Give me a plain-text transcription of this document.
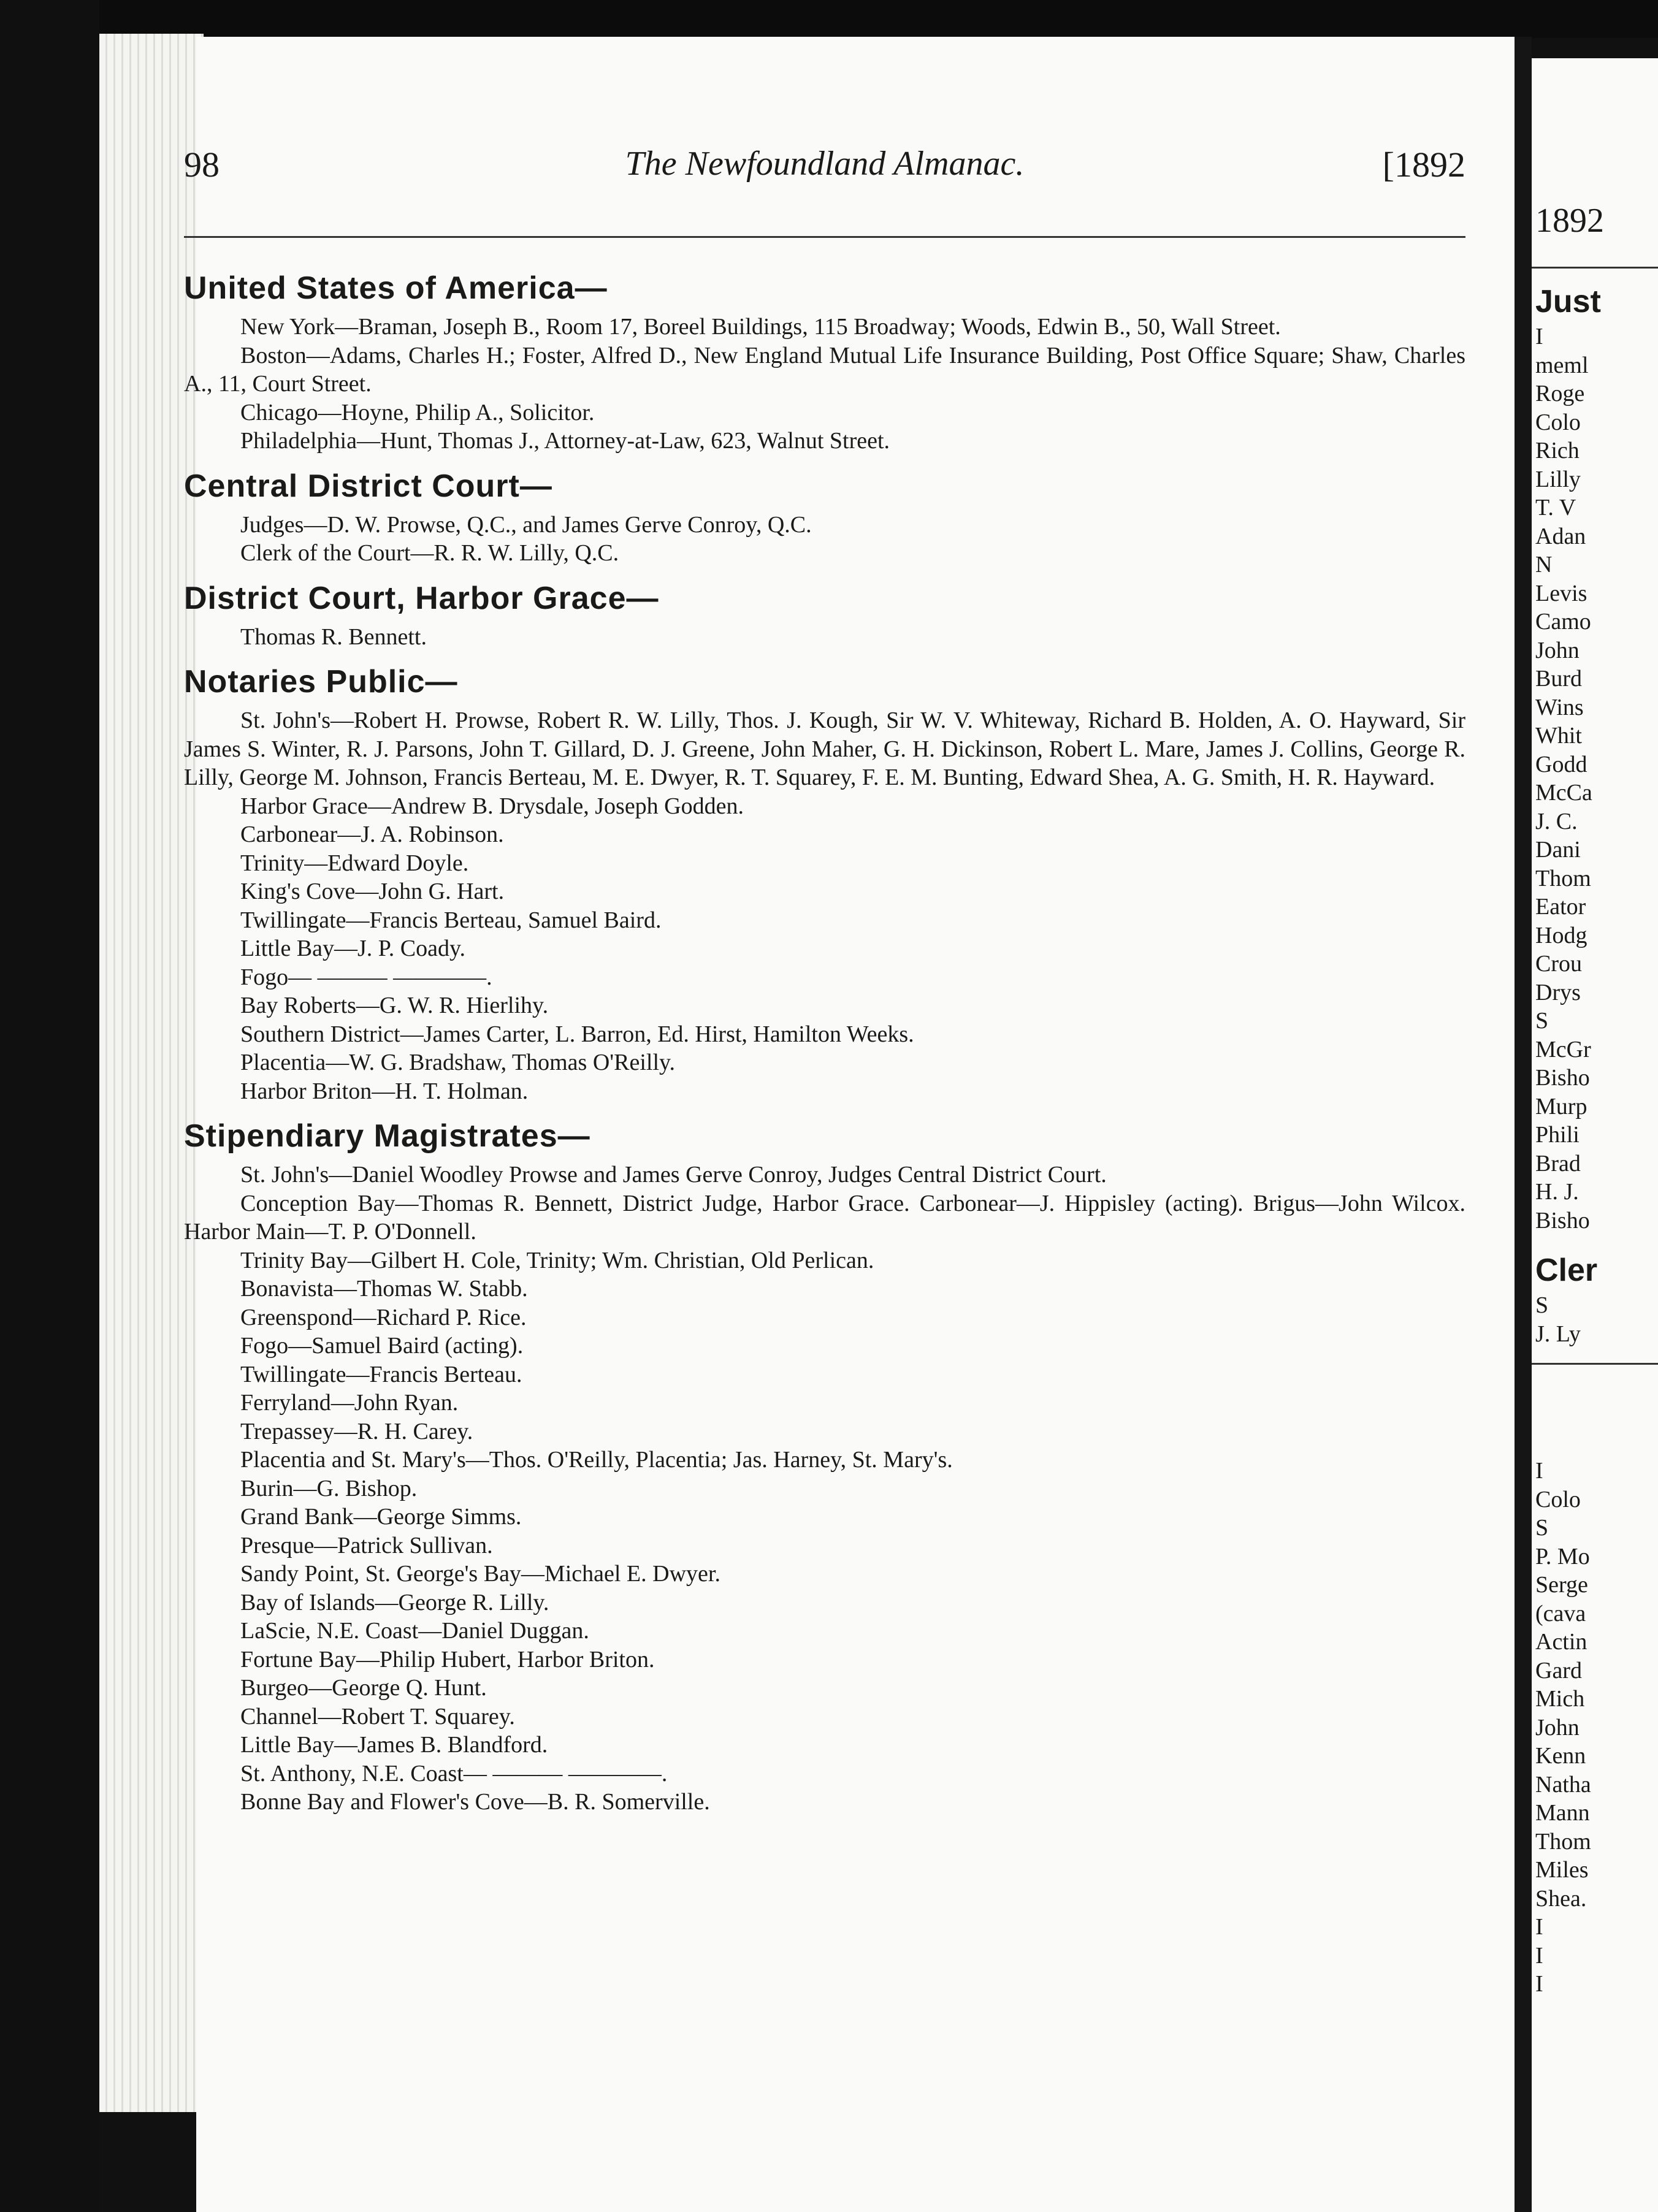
98	The Newfoundland Almanac.	[1892
United States of America—

New York—Braman, Joseph B., Room 17, Boreel Buildings, 115 Broadway; Woods, Edwin B., 50, Wall Street.

Boston—Adams, Charles H.; Foster, Alfred D., New England Mutual Life Insurance Building, Post Office Square; Shaw, Charles A., 11, Court Street.

Chicago—Hoyne, Philip A., Solicitor.

Philadelphia—Hunt, Thomas J., Attorney-at-Law, 623, Walnut Street.

Central District Court—

Judges—D. W. Prowse, Q.C., and James Gerve Conroy, Q.C.

Clerk of the Court—R. R. W. Lilly, Q.C.

District Court, Harbor Grace—

Thomas R. Bennett.

Notaries Public—

St. John's—Robert H. Prowse, Robert R. W. Lilly, Thos. J. Kough, Sir W. V. Whiteway, Richard B. Holden, A. O. Hayward, Sir James S. Winter, R. J. Parsons, John T. Gillard, D. J. Greene, John Maher, G. H. Dickinson, Robert L. Mare, James J. Collins, George R. Lilly, George M. Johnson, Francis Berteau, M. E. Dwyer, R. T. Squarey, F. E. M. Bunting, Edward Shea, A. G. Smith, H. R. Hayward.

Harbor Grace—Andrew B. Drysdale, Joseph Godden.

Carbonear—J. A. Robinson.

Trinity—Edward Doyle.

King's Cove—John G. Hart.

Twillingate—Francis Berteau, Samuel Baird.

Little Bay—J. P. Coady.

Fogo— ——— ————.

Bay Roberts—G. W. R. Hierlihy.

Southern District—James Carter, L. Barron, Ed. Hirst, Hamilton Weeks.

Placentia—W. G. Bradshaw, Thomas O'Reilly.

Harbor Briton—H. T. Holman.

Stipendiary Magistrates—

St. John's—Daniel Woodley Prowse and James Gerve Conroy, Judges Central District Court.

Conception Bay—Thomas R. Bennett, District Judge, Harbor Grace. Carbonear—J. Hippisley (acting). Brigus—John Wilcox. Harbor Main—T. P. O'Donnell.

Trinity Bay—Gilbert H. Cole, Trinity; Wm. Christian, Old Perlican.

Bonavista—Thomas W. Stabb.

Greenspond—Richard P. Rice.

Fogo—Samuel Baird (acting).

Twillingate—Francis Berteau.

Ferryland—John Ryan.

Trepassey—R. H. Carey.

Placentia and St. Mary's—Thos. O'Reilly, Placentia; Jas. Harney, St. Mary's.

Burin—G. Bishop.

Grand Bank—George Simms.

Presque—Patrick Sullivan.

Sandy Point, St. George's Bay—Michael E. Dwyer.

Bay of Islands—George R. Lilly.

LaScie, N.E. Coast—Daniel Duggan.

Fortune Bay—Philip Hubert, Harbor Briton.

Burgeo—George Q. Hunt.

Channel—Robert T. Squarey.

Little Bay—James B. Blandford.

St. Anthony, N.E. Coast— ——— ————.

Bonne Bay and Flower's Cove—B. R. Somerville.

1892
Just
I
meml
Roge
Colo
Rich
Lilly
T. V
Adan
N
Levis
Camo
John
Burd
Wins
Whit
Godd
McCa
J. C.
Dani
Thom
Eator
Hodg
Crou
Drys
S
McGr
Bisho
Murp
Phili
Brad
H. J.
Bisho
Cler
S
J. Ly
I
Colo
S
P. Mo
Serge
(cava
Actin
Gard
Mich
John
Kenn
Natha
Mann
Thom
Miles
Shea.
I
I
I
